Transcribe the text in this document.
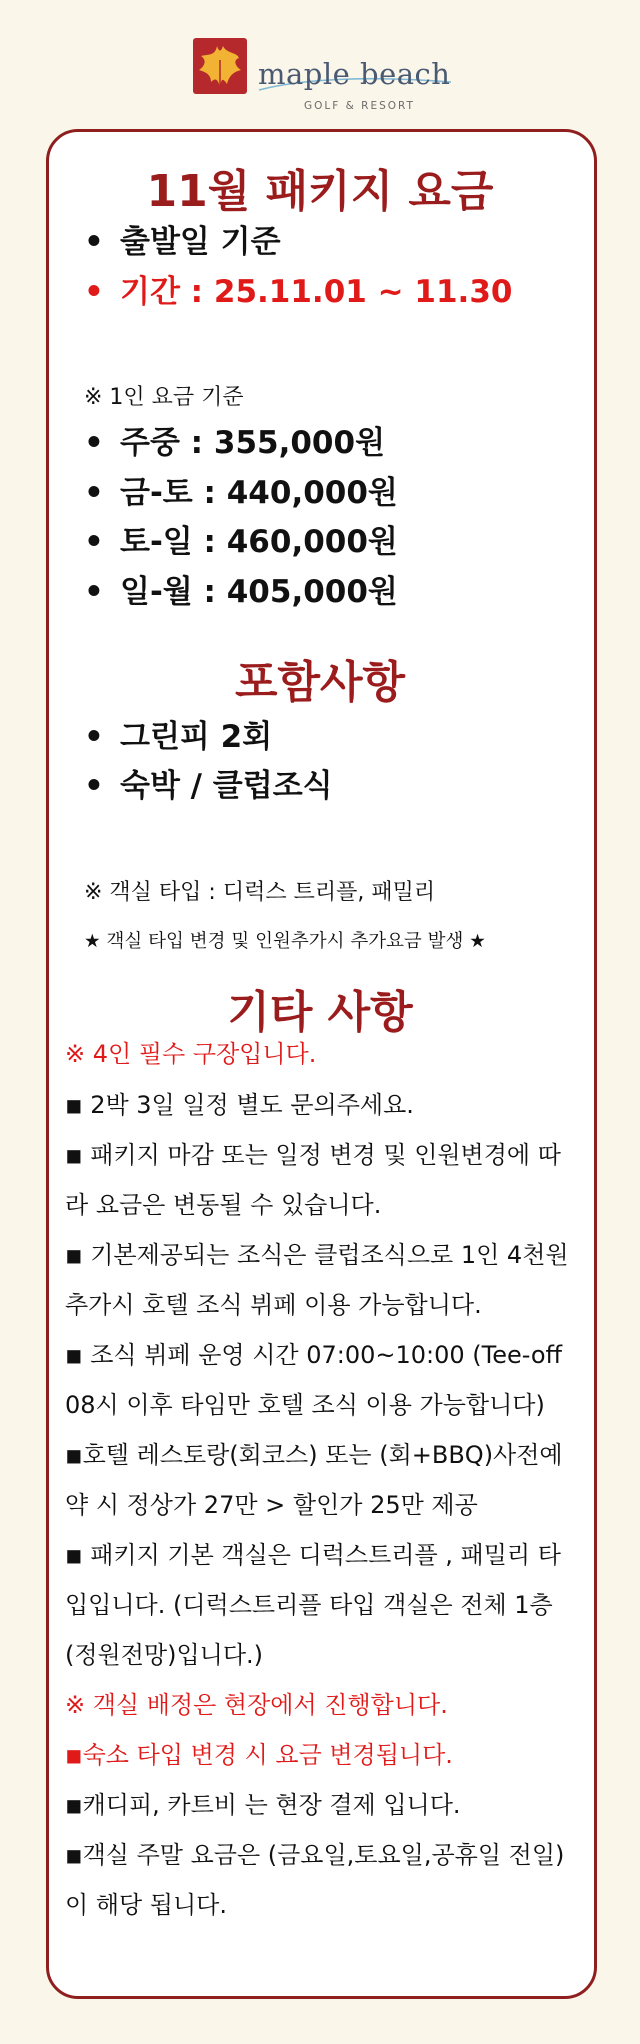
maple beach
GOLF & RESORT
11월 패키지 요금
• 출발일 기준
• 기간 : 25.11.01 ~ 11.30
※ 1인 요금 기준
• 주중 : 355,000원
• 금-토 : 440,000원
• 토-일 : 460,000원
• 일-월 : 405,000원
포함사항
• 그린피 2회
• 숙박 / 클럽조식
※ 객실 타입 : 디럭스 트리플, 패밀리
★ 객실 타입 변경 및 인원추가시 추가요금 발생 ★
기타 사항
※ 4인 필수 구장입니다.
◾ 2박 3일 일정 별도 문의주세요.
◾ 패키지 마감 또는 일정 변경 및 인원변경에 따
라 요금은 변동될 수 있습니다.
◾ 기본제공되는 조식은 클럽조식으로 1인 4천원
추가시 호텔 조식 뷔페 이용 가능합니다.
◾ 조식 뷔페 운영 시간 07:00~10:00 (Tee-off
08시 이후 타임만 호텔 조식 이용 가능합니다)
◾호텔 레스토랑(회코스) 또는 (회+BBQ)사전예
약 시 정상가 27만 > 할인가 25만 제공
◾ 패키지 기본 객실은 디럭스트리플 , 패밀리 타
입입니다. (디럭스트리플 타입 객실은 전체 1층
(정원전망)입니다.)
※ 객실 배정은 현장에서 진행합니다.
◾숙소 타입 변경 시 요금 변경됩니다.
◾캐디피, 카트비 는 현장 결제 입니다.
◾객실 주말 요금은 (금요일,토요일,공휴일 전일)
이 해당 됩니다.
